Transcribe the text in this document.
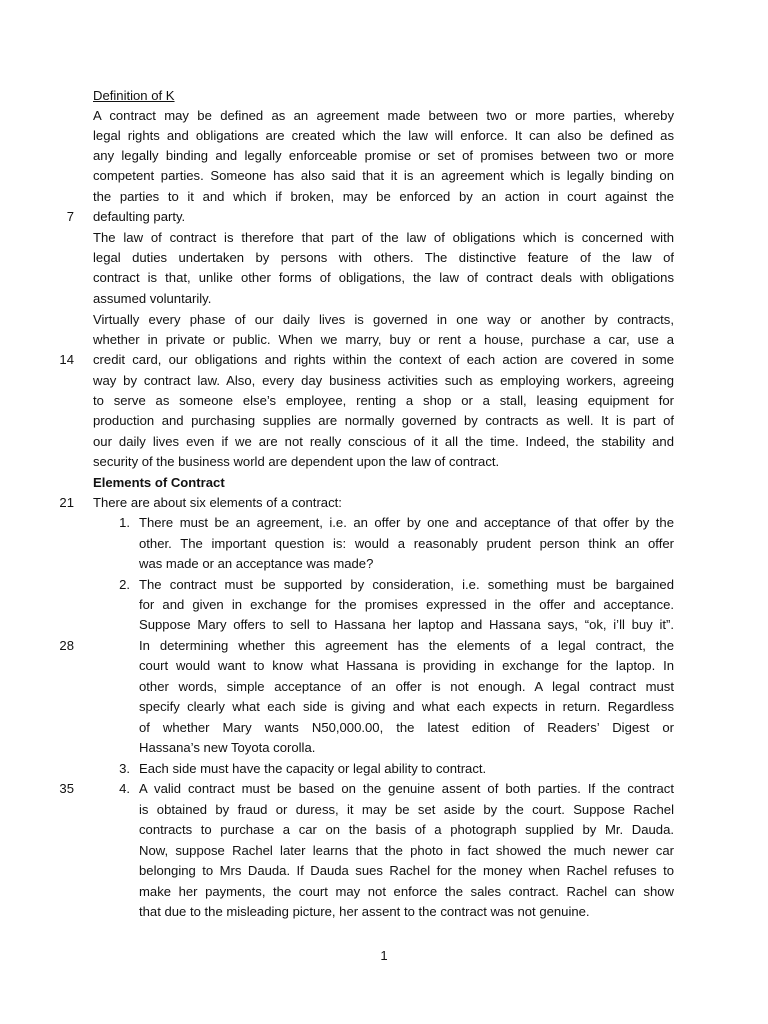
Definition of K
A contract may be defined as an agreement made between two or more parties, whereby
legal rights and obligations are created which the law will enforce. It can also be defined as
any legally binding and legally enforceable promise or set of promises between two or more
competent parties. Someone has also said that it is an agreement which is legally binding on
the parties to it and which if broken, may be enforced by an action in court against the
7 defaulting party.
The law of contract is therefore that part of the law of obligations which is concerned with
legal duties undertaken by persons with others. The distinctive feature of the law of
contract is that, unlike other forms of obligations, the law of contract deals with obligations
assumed voluntarily.
Virtually every phase of our daily lives is governed in one way or another by contracts,
whether in private or public. When we marry, buy or rent a house, purchase a car, use a
14 credit card, our obligations and rights within the context of each action are covered in some
way by contract law. Also, every day business activities such as employing workers, agreeing
to serve as someone else’s employee, renting a shop or a stall, leasing equipment for
production and purchasing supplies are normally governed by contracts as well. It is part of
our daily lives even if we are not really conscious of it all the time. Indeed, the stability and
security of the business world are dependent upon the law of contract.
Elements of Contract
21 There are about six elements of a contract:
1. There must be an agreement, i.e. an offer by one and acceptance of that offer by the
other. The important question is: would a reasonably prudent person think an offer
was made or an acceptance was made?
2. The contract must be supported by consideration, i.e. something must be bargained
for and given in exchange for the promises expressed in the offer and acceptance.
Suppose Mary offers to sell to Hassana her laptop and Hassana says, “ok, i’ll buy it”.
28	In determining whether this agreement has the elements of a legal contract, the
court would want to know what Hassana is providing in exchange for the laptop. In
other words, simple acceptance of an offer is not enough. A legal contract must
specify clearly what each side is giving and what each expects in return. Regardless
of whether Mary wants N50,000.00, the latest edition of Readers’ Digest or
Hassana’s new Toyota corolla.
3. Each side must have the capacity or legal ability to contract.
35	4. A valid contract must be based on the genuine assent of both parties. If the contract
is obtained by fraud or duress, it may be set aside by the court. Suppose Rachel
contracts to purchase a car on the basis of a photograph supplied by Mr. Dauda.
Now, suppose Rachel later learns that the photo in fact showed the much newer car
belonging to Mrs Dauda. If Dauda sues Rachel for the money when Rachel refuses to
make her payments, the court may not enforce the sales contract. Rachel can show
that due to the misleading picture, her assent to the contract was not genuine.
1
